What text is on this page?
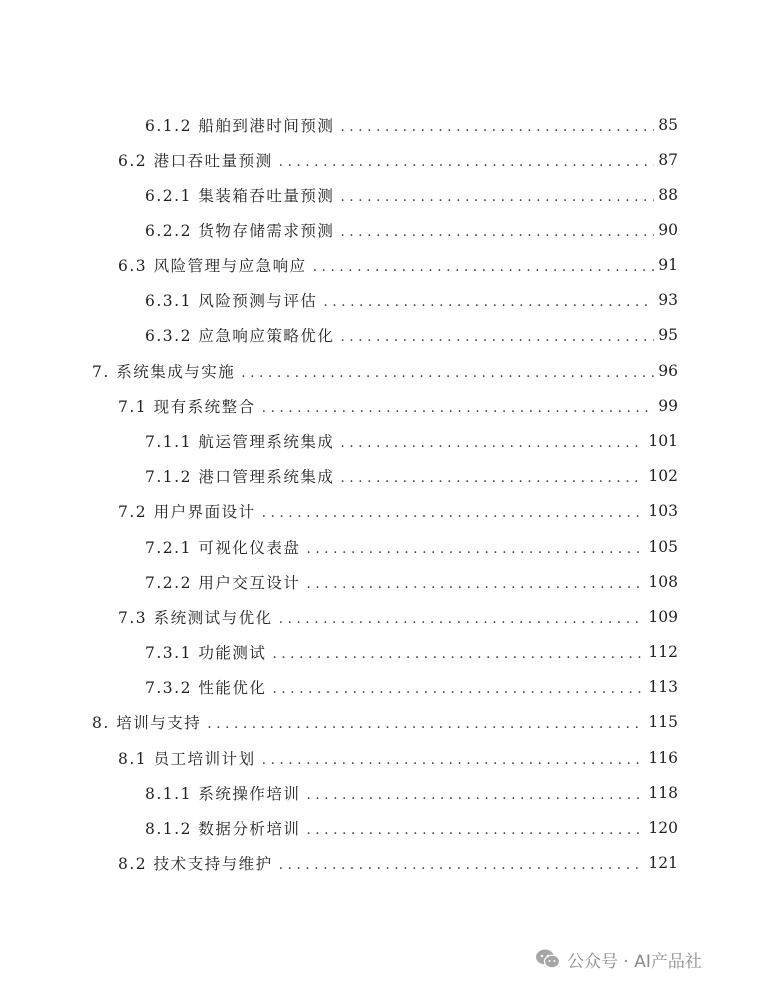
6.1.2 船舶到港时间预测 . . .	85
6.2 港口吞吐量预测 . . .	87
6.2.1 集装箱吞吐量预测 . . .	88
6.2.2 货物存储需求预测 . . .	90
6.3 风险管理与应急响应 . . .	91
6.3.1 风险预测与评估 . . .	93
6.3.2 应急响应策略优化 . . .	95
7. 系统集成与实施 . . .	96
7.1 现有系统整合 . . .	99
7.1.1 航运管理系统集成 . . .	101
7.1.2 港口管理系统集成 . . .	102
7.2 用户界面设计 . . .	103
7.2.1 可视化仪表盘 . . .	105
7.2.2 用户交互设计 . . .	108
7.3 系统测试与优化 . . .	109
7.3.1 功能测试 . . .	112
7.3.2 性能优化 . . .	113
8. 培训与支持 . . .	115
8.1 员工培训计划 . . .	116
8.1.1 系统操作培训 . . .	118
8.1.2 数据分析培训 . . .	120
8.2 技术支持与维护 . . .	121
公众号 · AI产品社
